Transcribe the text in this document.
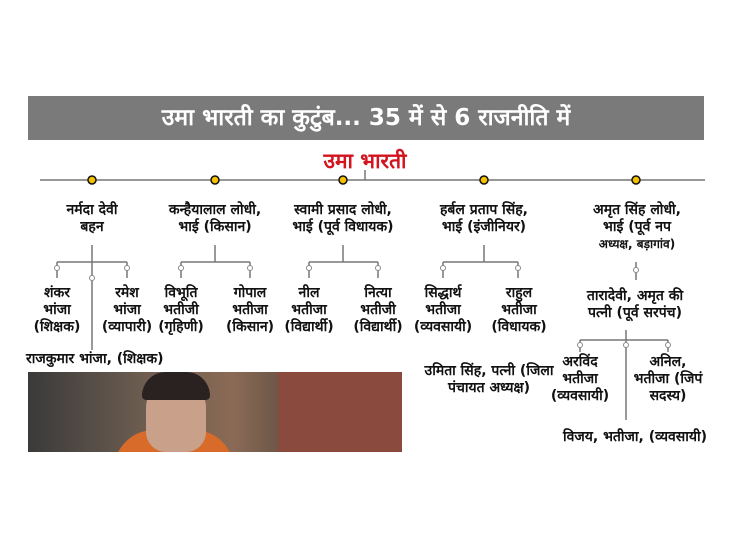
उमा भारती का कुटुंब... 35 में से 6 राजनीति में
उमा भारती
नर्मदा देवी
बहन
शंकर
भांजा
(शिक्षक)
रमेश
भांजा
(व्यापारी)
राजकुमार भांजा, (शिक्षक)
कन्हैयालाल लोधी,
भाई (किसान)
विभूति
भतीजी
(गृहिणी)
गोपाल
भतीजा
(किसान)
स्वामी प्रसाद लोधी,
भाई (पूर्व विधायक)
नील
भतीजा
(विद्यार्थी)
नित्या
भतीजी
(विद्यार्थी)
हर्बल प्रताप सिंह,
भाई (इंजीनियर)
सिद्धार्थ
भतीजा
(व्यवसायी)
राहुल
भतीजा
(विधायक)
उमिता सिंह, पत्नी (जिला
पंचायत अध्यक्ष)
अमृत सिंह लोधी,
भाई (पूर्व नप
अध्यक्ष, बड़ागांव)
तारादेवी, अमृत की
पत्नी (पूर्व सरपंच)
अरविंद
भतीजा
(व्यवसायी)
अनिल,
भतीजा (जिपं
सदस्य)
विजय, भतीजा, (व्यवसायी)
